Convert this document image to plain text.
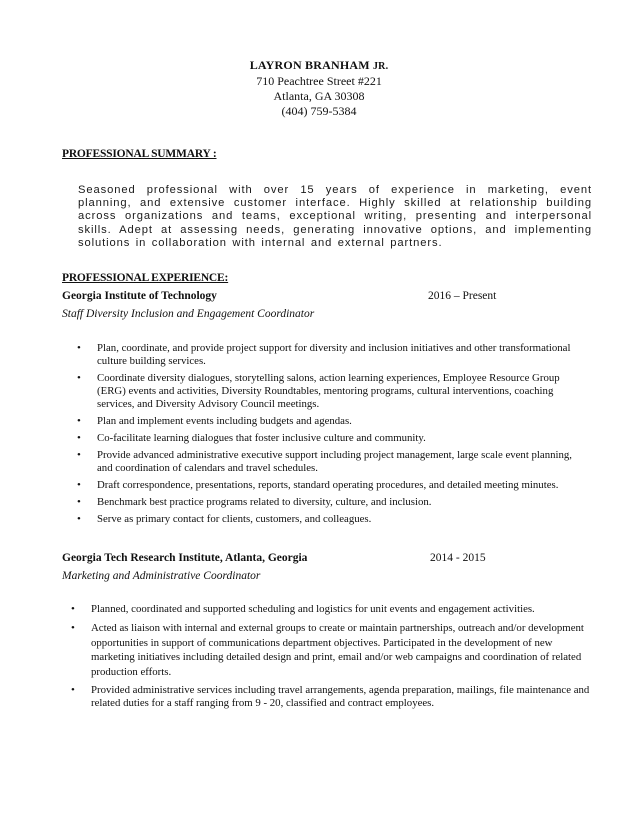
LAYRON BRANHAM JR.
710 Peachtree Street #221
Atlanta, GA 30308
(404) 759-5384
PROFESSIONAL SUMMARY :
Seasoned professional with over 15 years of experience in marketing, event planning, and extensive customer interface. Highly skilled at relationship building across organizations and teams, exceptional writing, presenting and interpersonal skills. Adept at assessing needs, generating innovative options, and implementing solutions in collaboration with internal and external partners.
PROFESSIONAL EXPERIENCE:
Georgia Institute of Technology	2016 – Present
Staff Diversity Inclusion and Engagement Coordinator
• Plan, coordinate, and provide project support for diversity and inclusion initiatives and other transformational culture building services.
• Coordinate diversity dialogues, storytelling salons, action learning experiences, Employee Resource Group (ERG) events and activities, Diversity Roundtables, mentoring programs, cultural interventions, coaching services, and Diversity Advisory Council meetings.
• Plan and implement events including budgets and agendas.
• Co-facilitate learning dialogues that foster inclusive culture and community.
• Provide advanced administrative executive support including project management, large scale event planning, and coordination of calendars and travel schedules.
• Draft correspondence, presentations, reports, standard operating procedures, and detailed meeting minutes.
• Benchmark best practice programs related to diversity, culture, and inclusion.
• Serve as primary contact for clients, customers, and colleagues.
Georgia Tech Research Institute, Atlanta, Georgia	2014 - 2015
Marketing and Administrative Coordinator
• Planned, coordinated and supported scheduling and logistics for unit events and engagement activities.
• Acted as liaison with internal and external groups to create or maintain partnerships, outreach and/or development opportunities in support of communications department objectives. Participated in the development of new marketing initiatives including detailed design and print, email and/or web campaigns and coordination of related production efforts.
• Provided administrative services including travel arrangements, agenda preparation, mailings, file maintenance and related duties for a staff ranging from 9 - 20, classified and contract employees.
